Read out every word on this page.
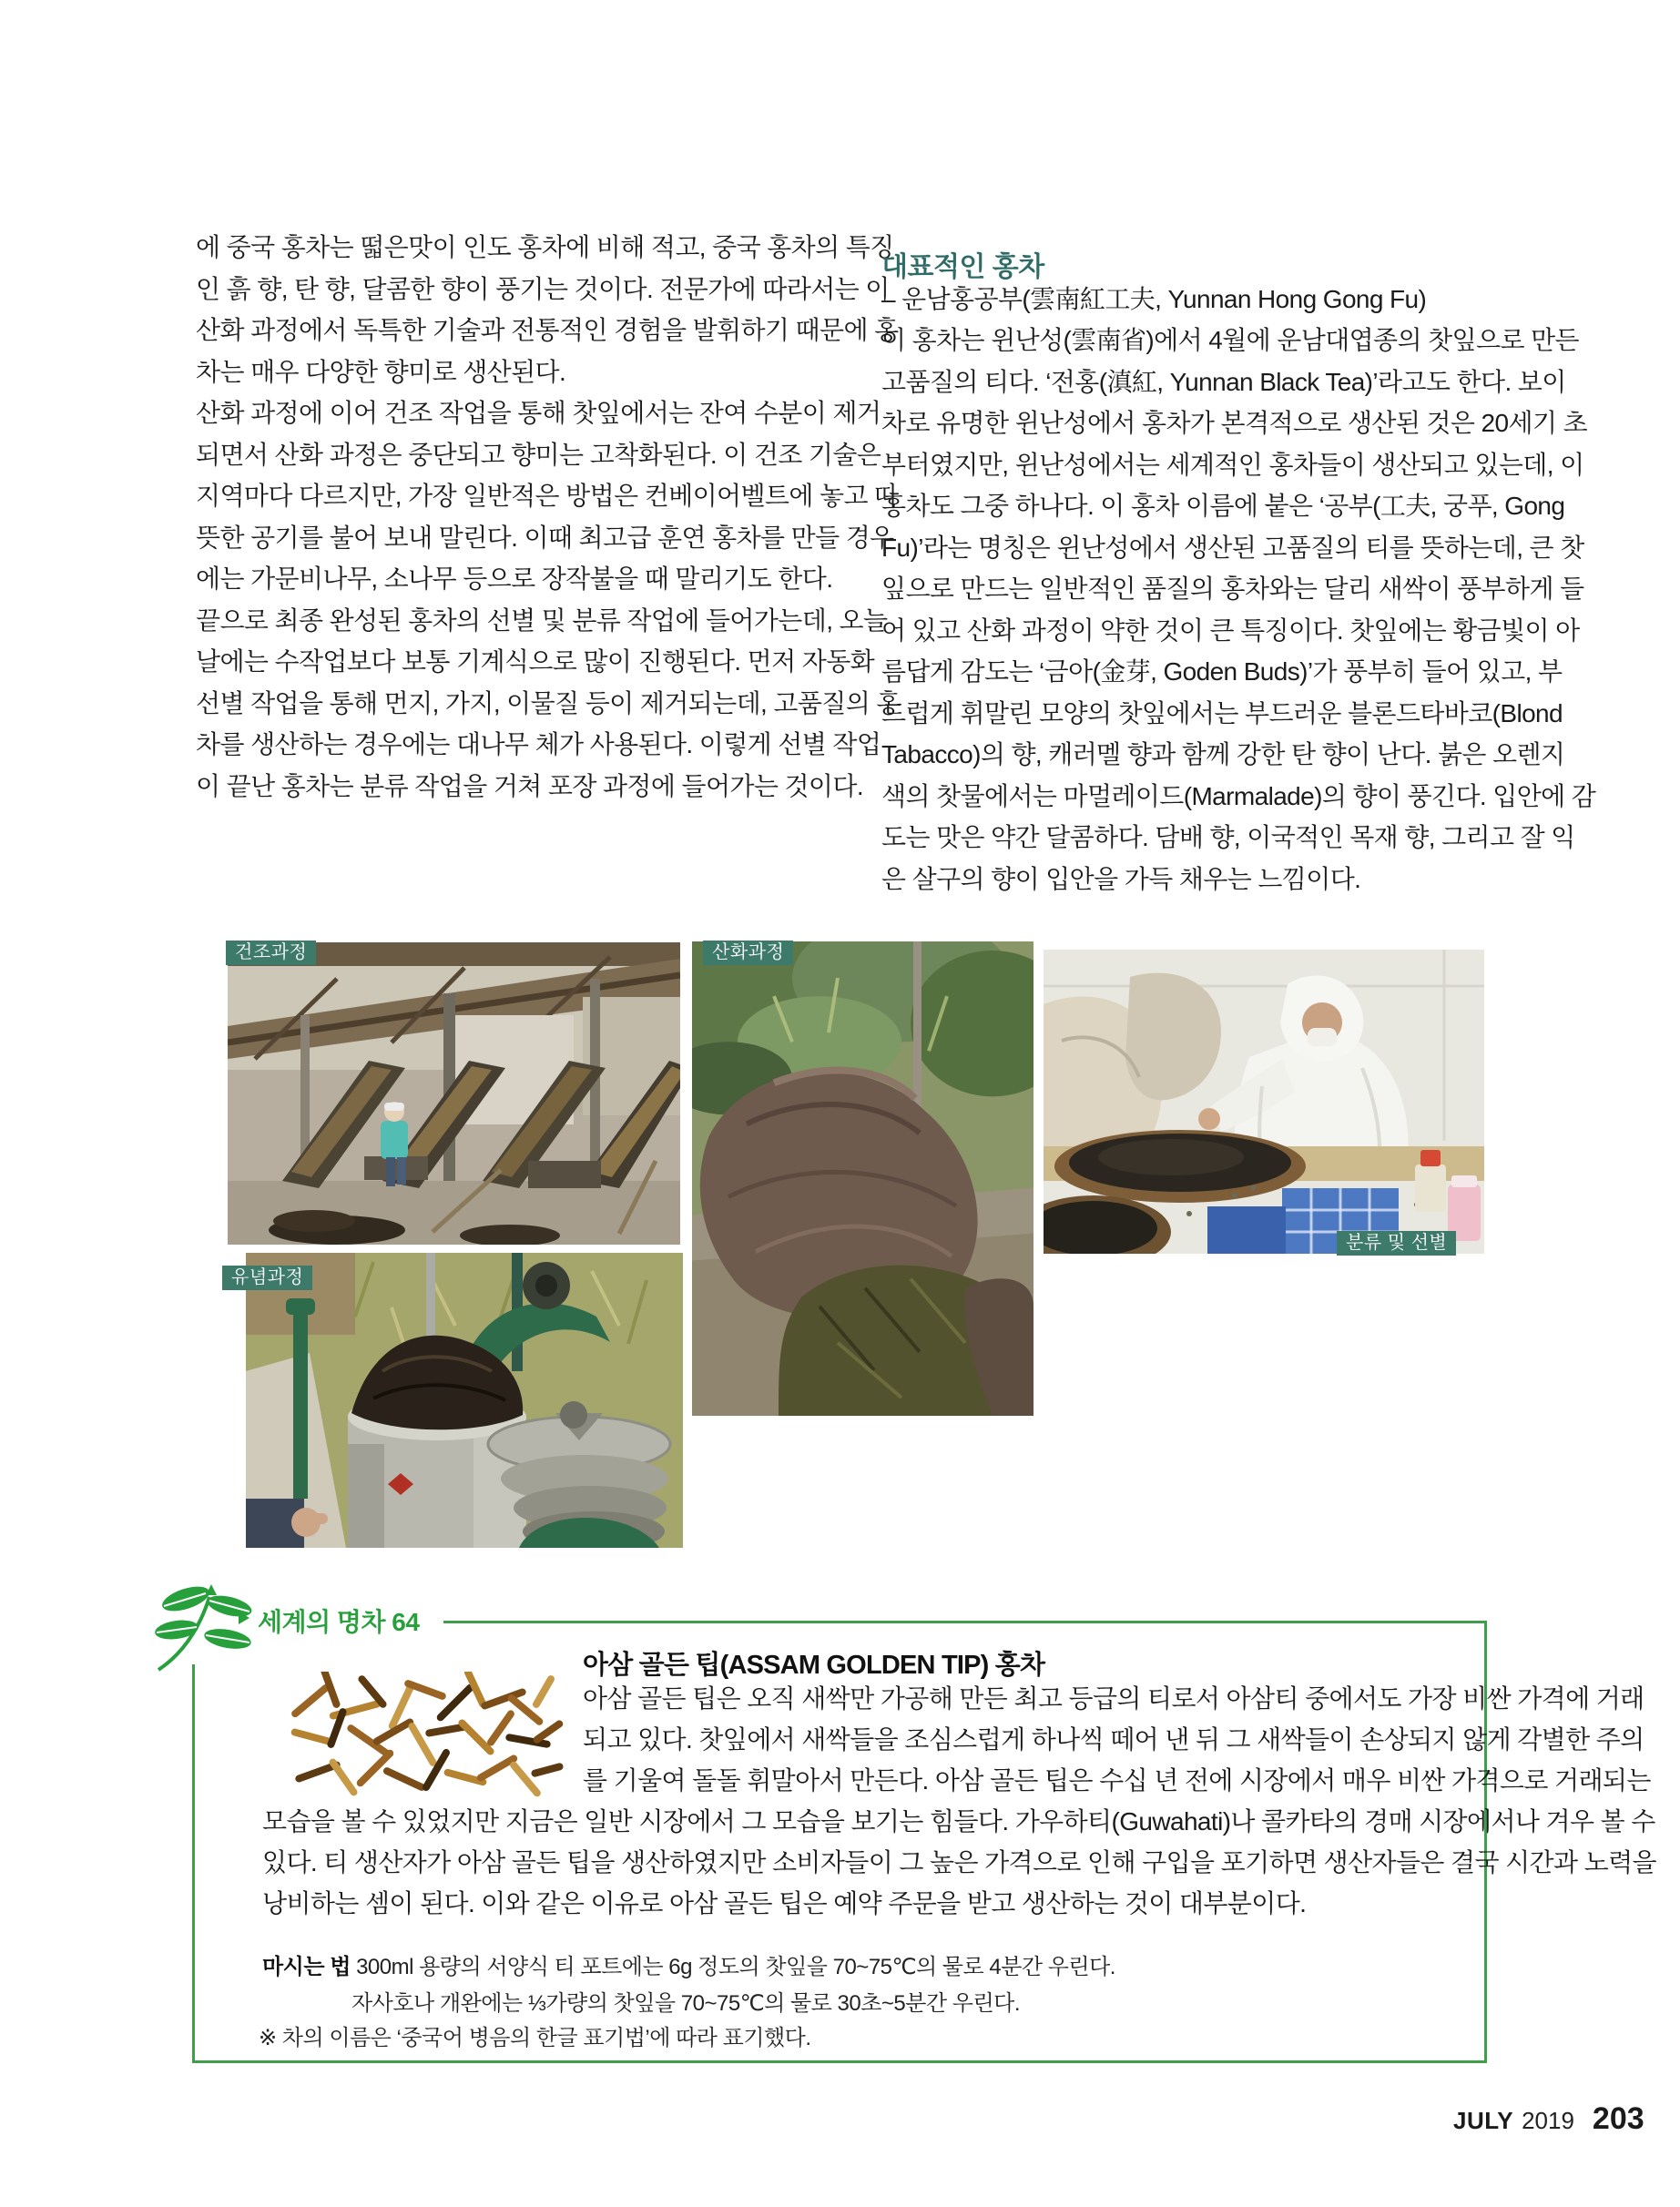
에 중국 홍차는 떫은맛이 인도 홍차에 비해 적고, 중국 홍차의 특징
인 흙 향, 탄 향, 달콤한 향이 풍기는 것이다. 전문가에 따라서는 이
산화 과정에서 독특한 기술과 전통적인 경험을 발휘하기 때문에 홍
차는 매우 다양한 향미로 생산된다.
산화 과정에 이어 건조 작업을 통해 찻잎에서는 잔여 수분이 제거
되면서 산화 과정은 중단되고 향미는 고착화된다. 이 건조 기술은
지역마다 다르지만, 가장 일반적은 방법은 컨베이어벨트에 놓고 따
뜻한 공기를 불어 보내 말린다. 이때 최고급 훈연 홍차를 만들 경우
에는 가문비나무, 소나무 등으로 장작불을 때 말리기도 한다.
끝으로 최종 완성된 홍차의 선별 및 분류 작업에 들어가는데, 오늘
날에는 수작업보다 보통 기계식으로 많이 진행된다. 먼저 자동화
선별 작업을 통해 먼지, 가지, 이물질 등이 제거되는데, 고품질의 홍
차를 생산하는 경우에는 대나무 체가 사용된다. 이렇게 선별 작업
이 끝난 홍차는 분류 작업을 거쳐 포장 과정에 들어가는 것이다.
대표적인 홍차
– 운남홍공부(雲南紅工夫, Yunnan Hong Gong Fu)
이 홍차는 윈난성(雲南省)에서 4월에 운남대엽종의 찻잎으로 만든
고품질의 티다. ‘전홍(滇紅, Yunnan Black Tea)’라고도 한다. 보이
차로 유명한 윈난성에서 홍차가 본격적으로 생산된 것은 20세기 초
부터였지만, 윈난성에서는 세계적인 홍차들이 생산되고 있는데, 이
홍차도 그중 하나다. 이 홍차 이름에 붙은 ‘공부(工夫, 궁푸, Gong
Fu)’라는 명칭은 윈난성에서 생산된 고품질의 티를 뜻하는데, 큰 찻
잎으로 만드는 일반적인 품질의 홍차와는 달리 새싹이 풍부하게 들
어 있고 산화 과정이 약한 것이 큰 특징이다. 찻잎에는 황금빛이 아
름답게 감도는 ‘금아(金芽, Goden Buds)’가 풍부히 들어 있고, 부
드럽게 휘말린 모양의 찻잎에서는 부드러운 블론드타바코(Blond
Tabacco)의 향, 캐러멜 향과 함께 강한 탄 향이 난다. 붉은 오렌지
색의 찻물에서는 마멀레이드(Marmalade)의 향이 풍긴다. 입안에 감
도는 맛은 약간 달콤하다. 담배 향, 이국적인 목재 향, 그리고 잘 익
은 살구의 향이 입안을 가득 채우는 느낌이다.
건조과정	산화과정
유념과정
분류 및 선별
세계의 명차 64
아삼 골든 팁(ASSAM GOLDEN TIP) 홍차
아삼 골든 팁은 오직 새싹만 가공해 만든 최고 등급의 티로서 아삼티 중에서도 가장 비싼 가격에 거래
되고 있다. 찻잎에서 새싹들을 조심스럽게 하나씩 떼어 낸 뒤 그 새싹들이 손상되지 않게 각별한 주의
를 기울여 돌돌 휘말아서 만든다. 아삼 골든 팁은 수십 년 전에 시장에서 매우 비싼 가격으로 거래되는
모습을 볼 수 있었지만 지금은 일반 시장에서 그 모습을 보기는 힘들다. 가우하티(Guwahati)나 콜카타의 경매 시장에서나 겨우 볼 수
있다. 티 생산자가 아삼 골든 팁을 생산하였지만 소비자들이 그 높은 가격으로 인해 구입을 포기하면 생산자들은 결국 시간과 노력을
낭비하는 셈이 된다. 이와 같은 이유로 아삼 골든 팁은 예약 주문을 받고 생산하는 것이 대부분이다.
마시는 법 300ml 용량의 서양식 티 포트에는 6g 정도의 찻잎을 70~75℃의 물로 4분간 우린다.
자사호나 개완에는 ⅓가량의 찻잎을 70~75℃의 물로 30초~5분간 우린다.
※ 차의 이름은 ‘중국어 병음의 한글 표기법’에 따라 표기했다.
JULY 2019 203
